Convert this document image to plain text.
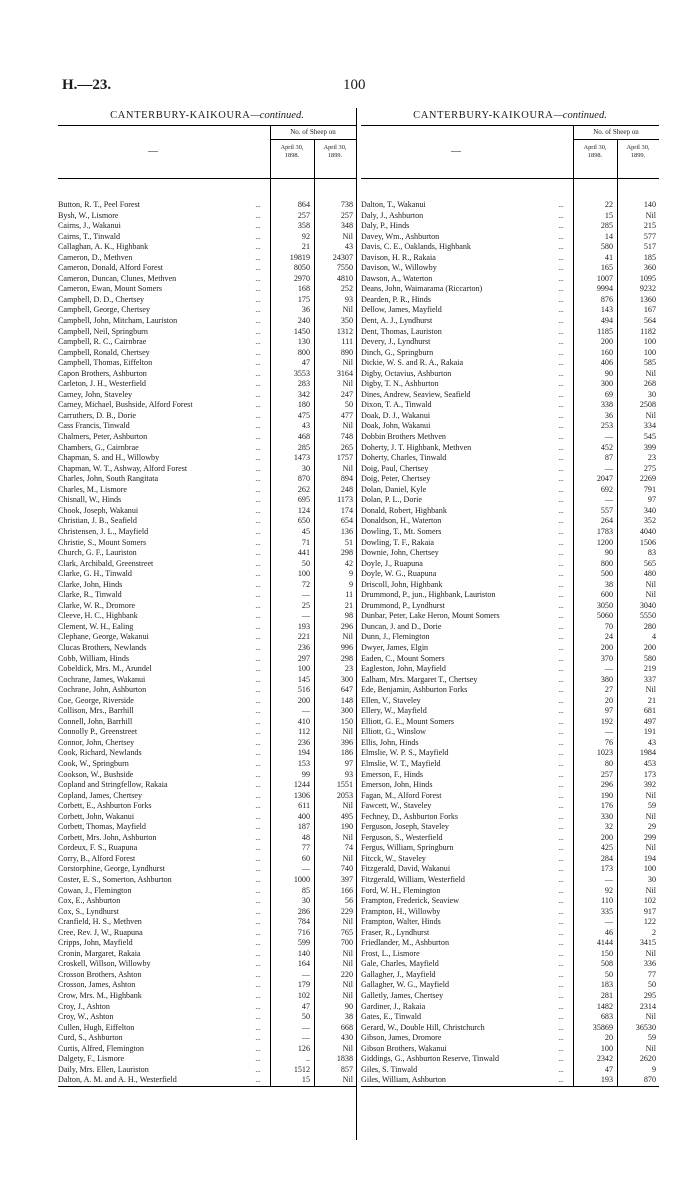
H.—23.	100
CANTERBURY-KAIKOURA—continued.
—
No. of Sheep on
April 30,
1898.
April 30,
1899.
Button, R. T., Peel Forest	...	864	738
Bysh, W., Lismore	...	257	257
Cairns, J., Wakanui	...	358	348
Cairns, T., Tinwald	...	92	Nil
Callaghan, A. K., Highbank	...	21	43
Cameron, D., Methven	...	19819	24307
Cameron, Donald, Alford Forest	...	8050	7550
Cameron, Duncan, Clunes, Methven	...	2970	4810
Cameron, Ewan, Mount Somers	...	168	252
Campbell, D. D., Chertsey	...	175	93
Campbell, George, Chertsey	...	36	Nil
Campbell, John, Mitcham, Lauriston	...	240	350
Campbell, Neil, Springburn	...	1450	1312
Campbell, R. C., Cairnbrae	...	130	111
Campbell, Ronald, Chertsey	...	800	890
Campbell, Thomas, Eiffelton	...	47	Nil
Capon Brothers, Ashburton	...	3553	3164
Carleton, J. H., Westerfield	...	283	Nil
Carney, John, Staveley	...	342	247
Carney, Michael, Bushside, Alford Forest	...	180	50
Carruthers, D. B., Dorie	...	475	477
Cass Francis, Tinwald	...	43	Nil
Chalmers, Peter, Ashburton	...	468	748
Chambers, G., Cairnbrae	...	285	265
Chapman, S. and H., Willowby	...	1473	1757
Chapman, W. T., Ashway, Alford Forest	...	30	Nil
Charles, John, South Rangitata	...	870	894
Charles, M., Lismore	...	262	248
Chisnall, W., Hinds	...	695	1173
Chook, Joseph, Wakanui	...	124	174
Christian, J. B., Seafield	...	650	654
Christensen, J. L., Mayfield	...	45	136
Christie, S., Mount Somers	...	71	51
Church, G. F., Lauriston	...	441	298
Clark, Archibald, Greenstreet	...	50	42
Clarke, G. H., Tinwald	...	100	9
Clarke, John, Hinds	...	72	9
Clarke, R., Tinwald	...	—	11
Clarke, W. R., Dromore	...	25	21
Cleeve, H. C., Highbank	...	—	98
Clement, W. H., Ealing	...	193	296
Clephane, George, Wakanui	...	221	Nil
Clucas Brothers, Newlands	...	236	996
Cobb, William, Hinds	...	297	298
Cobeldick, Mrs. M., Arundel	...	100	23
Cochrane, James, Wakanui	...	145	300
Cochrane, John, Ashburton	...	516	647
Coe, George, Riverside	...	200	148
Collison, Mrs., Barrhill	...	—	300
Connell, John, Barrhill	...	410	150
Connolly P., Greenstreet	...	112	Nil
Connor, John, Chertsey	...	236	396
Cook, Richard, Newlands	...	194	186
Cook, W., Springburn	...	153	97
Cookson, W., Bushside	...	99	93
Copland and Stringfellow, Rakaia	...	1244	1551
Copland, James, Chertsey	...	1306	2053
Corbett, E., Ashburton Forks	...	611	Nil
Corbett, John, Wakanui	...	400	495
Corbett, Thomas, Mayfield	...	187	190
Corbett, Mrs. John, Ashburton	...	48	Nil
Cordeux, F. S., Ruapuna	...	77	74
Corry, B., Alford Forest	...	60	Nil
Corstorphine, George, Lyndhurst	...	—	740
Coster, E. S., Somerton, Ashburton	...	1000	397
Cowan, J., Flemington	...	85	166
Cox, E., Ashburton	...	30	56
Cox, S., Lyndhurst	...	286	229
Cranfield, H. S., Methven	...	784	Nil
Cree, Rev. J, W., Ruapuna	...	716	765
Cripps, John, Mayfield	...	599	700
Cronin, Margaret, Rakaia	...	140	Nil
Croskell, Willson, Willowby	...	164	Nil
Crosson Brothers, Ashton	...	—	220
Crosson, James, Ashton	...	179	Nil
Crow, Mrs. M., Highbank	...	102	Nil
Croy, J., Ashton	...	47	90
Croy, W., Ashton	...	50	38
Cullen, Hugh, Eiffelton	...	—	668
Curd, S., Ashburton	...	—	430
Curtis, Alfred, Flemington	...	126	Nil
Dalgety, F., Lismore	...	..	1838
Daily, Mrs. Ellen, Lauriston	...	1512	857
Dalton, A. M. and A. H., Westerfield	...	15	Nil
CANTERBURY-KAIKOURA—continued.
—
No. of Sheep on
April 30,
1898.
April 30,
1899.
Dalton, T., Wakanui	...	22	140
Daly, J., Ashburton	...	15	Nil
Daly, P., Hinds	...	285	215
Davey, Wm., Ashburton	...	14	577
Davis, C. E., Oaklands, Highbank	...	580	517
Davison, H. R., Rakaia	...	41	185
Davison, W., Willowby	...	165	360
Dawson, A., Waterton	...	1007	1095
Deans, John, Waimarama (Riccarton)	...	9994	9232
Dearden, P. R., Hinds	...	876	1360
Dellow, James, Mayfield	...	143	167
Dent, A. J., Lyndhurst	...	494	564
Dent, Thomas, Lauriston	...	1185	1182
Devery, J., Lyndhurst	...	200	100
Dinch, G., Springburn	...	160	100
Dickie, W. S. and R. A., Rakaia	...	406	585
Digby, Octavius, Ashburton	...	90	Nil
Digby, T. N., Ashburton	...	300	268
Dines, Andrew, Seaview, Seafield	...	69	30
Dixon, T. A., Tinwald	...	338	2508
Doak, D. J., Wakanui	...	36	Nil
Doak, John, Wakanui	...	253	334
Dobbin Brothers Methven	...	—	545
Doherty, J. T. Highbank, Methven	...	452	399
Doherty, Charles, Tinwald	...	87	23
Doig, Paul, Chertsey	...	—	275
Doig, Peter, Chertsey	...	2047	2269
Dolan, Daniel, Kyle	...	692	791
Dolan, P. L., Dorie	...	—	97
Donald, Robert, Highbank	...	557	340
Donaldson, H., Waterton	...	264	352
Dowling, T., Mt. Somers	...	1783	4040
Dowling, T. F., Rakaia	...	1200	1506
Downie, John, Chertsey	...	90	83
Doyle, J., Ruapuna	...	800	565
Doyle, W. G., Ruapuna	...	500	480
Driscoll, John, Highbank	...	38	Nil
Drummond, P., jun., Highbank, Lauriston	...	600	Nil
Drummond, P., Lyndhurst	...	3050	3040
Dunbar, Peter, Lake Heron, Mount Somers	...	5060	5550
Duncan, J. and D., Dorie	...	70	280
Dunn, J., Flemington	...	24	4
Dwyer, James, Elgin	...	200	200
Eaden, C., Mount Somers	...	370	580
Eagleston, John, Mayfield	...	—	219
Ealham, Mrs. Margaret T., Chertsey	...	380	337
Ede, Benjamin, Ashburton Forks	...	27	Nil
Ellen, V., Staveley	...	20	21
Ellery, W., Mayfield	...	97	681
Elliott, G. E., Mount Somers	...	192	497
Elliott, G., Winslow	...	—	191
Ellis, John, Hinds	...	76	43
Elmslie, W. P. S., Mayfield	...	1023	1984
Elmslie, W. T., Mayfield	...	80	453
Emerson, F., Hinds	...	257	173
Emerson, John, Hinds	...	296	392
Fagan, M., Alford Forest	...	190	Nil
Fawcett, W., Staveley	...	176	59
Fechney, D., Ashburton Forks	...	330	Nil
Ferguson, Joseph, Staveley	...	32	29
Ferguson, S., Westerfield	...	200	299
Fergus, William, Springburn	...	425	Nil
Fitcck, W., Staveley	...	284	194
Fitzgerald, David, Wakanui	...	173	100
Fitzgerald, William, Westerfield	...	—	30
Ford, W. H., Flemington	...	92	Nil
Frampton, Frederick, Seaview	...	110	102
Frampton, H., Willowby	...	335	917
Frampton, Walter, Hinds	...	—	122
Fraser, R., Lyndhurst	...	46	2
Friedlander, M., Ashburton	...	4144	3415
Frost, L., Lismore	...	150	Nil
Gale, Charles, Mayfield	...	508	336
Gallagher, J., Mayfield	...	50	77
Gallagher, W. G., Mayfield	...	183	50
Galletly, James, Chertsey	...	281	295
Gardiner, J., Rakaia	...	1482	2314
Gates, E., Tinwald	...	683	Nil
Gerard, W., Double Hill, Christchurch	...	35869	36530
Gibson, James, Dromore	...	20	59
Gibson Brothers, Wakanui	...	100	Nil
Giddings, G., Ashburton Reserve, Tinwald	...	2342	2620
Giles, S. Tinwald	...	47	9
Giles, William, Ashburton	...	193	870
